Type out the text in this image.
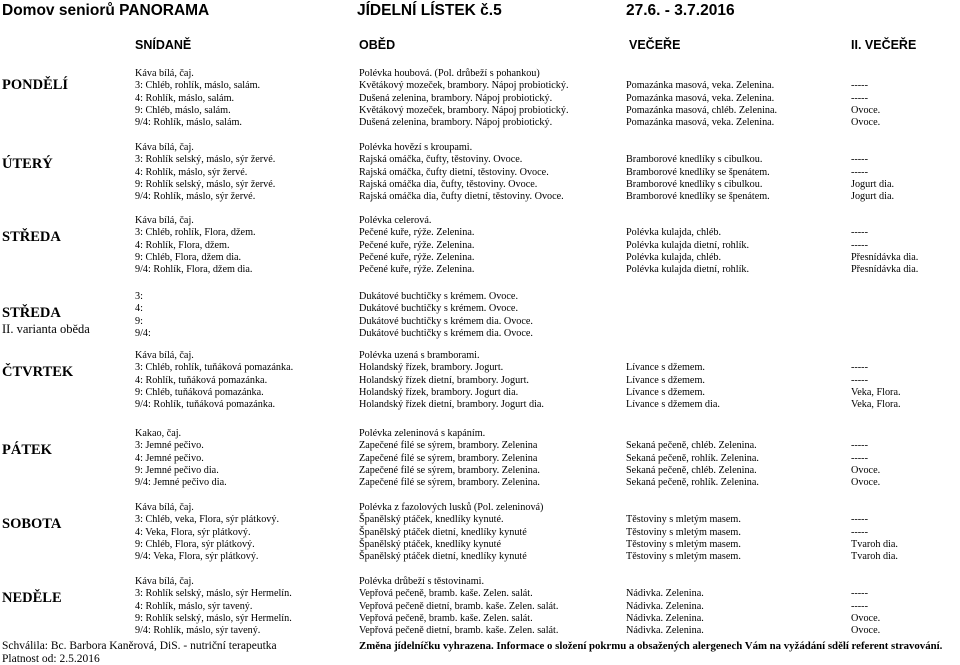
Domov seniorů PANORAMA	JÍDELNÍ LÍSTEK č.5	27.6. - 3.7.2016
SNÍDANĚ	OBĚD	VEČEŘE	II. VEČEŘE
PONDĚLÍ
Káva bílá, čaj.	Polévka houbová. (Pol. drůbeží s pohankou)
3: Chléb, rohlík, máslo, salám.	Květákový mozeček, brambory. Nápoj probiotický.	Pomazánka masová, veka. Zelenina.	-----
4: Rohlík, máslo, salám.	Dušená zelenina, brambory. Nápoj probiotický.	Pomazánka masová, veka. Zelenina.	-----
9: Chléb, máslo, salám.	Květákový mozeček, brambory. Nápoj probiotický.	Pomazánka masová, chléb. Zelenina.	Ovoce.
9/4: Rohlík, máslo, salám.	Dušená zelenina, brambory. Nápoj probiotický.	Pomazánka masová, veka. Zelenina.	Ovoce.
ÚTERÝ
Káva bílá, čaj.	Polévka hovězí s kroupami.
3: Rohlík selský, máslo, sýr žervé.	Rajská omáčka, čufty, těstoviny. Ovoce.	Bramborové knedlíky s cibulkou.	-----
4: Rohlík, máslo, sýr žervé.	Rajská omáčka, čufty dietní, těstoviny. Ovoce.	Bramborové knedlíky se špenátem.	-----
9: Rohlík selský, máslo, sýr žervé.	Rajská omáčka dia, čufty, těstoviny. Ovoce.	Bramborové knedlíky s cibulkou.	Jogurt dia.
9/4: Rohlík, máslo, sýr žervé.	Rajská omáčka dia, čufty dietní, těstoviny. Ovoce.	Bramborové knedlíky se špenátem.	Jogurt dia.
STŘEDA
Káva bílá, čaj.	Polévka celerová.
3: Chléb, rohlík, Flora, džem.	Pečené kuře, rýže. Zelenina.	Polévka kulajda, chléb.	-----
4: Rohlík, Flora, džem.	Pečené kuře, rýže. Zelenina.	Polévka kulajda dietní, rohlík.	-----
9: Chléb, Flora, džem dia.	Pečené kuře, rýže. Zelenina.	Polévka kulajda, chléb.	Přesnídávka dia.
9/4: Rohlík, Flora, džem dia.	Pečené kuře, rýže. Zelenina.	Polévka kulajda dietní, rohlík.	Přesnídávka dia.
STŘEDA
II. varianta oběda
3:	Dukátové buchtičky s krémem. Ovoce.
4:	Dukátové buchtičky s krémem. Ovoce.
9:	Dukátové buchtičky s krémem dia. Ovoce.
9/4:	Dukátové buchtičky s krémem dia. Ovoce.
ČTVRTEK
Káva bílá, čaj.	Polévka uzená s bramborami.
3: Chléb, rohlík, tuňáková pomazánka.	Holandský řízek, brambory. Jogurt.	Lívance s džemem.	-----
4: Rohlík, tuňáková pomazánka.	Holandský řízek dietní, brambory. Jogurt.	Lívance s džemem.	-----
9: Chléb, tuňáková pomazánka.	Holandský řízek, brambory. Jogurt dia.	Lívance s džemem.	Veka, Flora.
9/4: Rohlík, tuňáková pomazánka.	Holandský řízek dietní, brambory. Jogurt dia.	Lívance s džemem dia.	Veka, Flora.
PÁTEK
Kakao, čaj.	Polévka zeleninová s kapáním.
3: Jemné pečivo.	Zapečené filé se sýrem, brambory. Zelenina	Sekaná pečeně, chléb. Zelenina.	-----
4: Jemné pečivo.	Zapečené filé se sýrem, brambory. Zelenina	Sekaná pečeně, rohlík. Zelenina.	-----
9: Jemné pečivo dia.	Zapečené filé se sýrem, brambory. Zelenina.	Sekaná pečeně, chléb. Zelenina.	Ovoce.
9/4: Jemné pečivo dia.	Zapečené filé se sýrem, brambory. Zelenina.	Sekaná pečeně, rohlík. Zelenina.	Ovoce.
SOBOTA
Káva bílá, čaj.	Polévka z fazolových lusků (Pol. zeleninová)
3: Chléb, veka, Flora, sýr plátkový.	Španělský ptáček, knedlíky kynuté.	Těstoviny s mletým masem.	-----
4: Veka, Flora, sýr plátkový.	Španělský ptáček dietní, knedlíky kynuté	Těstoviny s mletým masem.	-----
9: Chléb, Flora, sýr plátkový.	Španělský ptáček, knedlíky kynuté	Těstoviny s mletým masem.	Tvaroh dia.
9/4: Veka, Flora, sýr plátkový.	Španělský ptáček dietní, knedlíky kynuté	Těstoviny s mletým masem.	Tvaroh dia.
NEDĚLE
Káva bílá, čaj.	Polévka drůbeží s těstovinami.
3: Rohlík selský, máslo, sýr Hermelín.	Vepřová pečeně, bramb. kaše. Zelen. salát.	Nádivka. Zelenina.	-----
4: Rohlík, máslo, sýr tavený.	Vepřová pečeně dietní, bramb. kaše. Zelen. salát.	Nádivka. Zelenina.	-----
9: Rohlík selský, máslo, sýr Hermelín.	Vepřová pečeně, bramb. kaše. Zelen. salát.	Nádivka. Zelenina.	Ovoce.
9/4: Rohlík, máslo, sýr tavený.	Vepřová pečeně dietní, bramb. kaše. Zelen. salát.	Nádivka. Zelenina.	Ovoce.
Schválila: Bc. Barbora Kaněrová, DiS. - nutriční terapeutka
Platnost od: 2.5.2016
Změna jídelníčku vyhrazena. Informace o složení pokrmu a obsažených alergenech Vám na vyžádání sdělí referent stravování.
